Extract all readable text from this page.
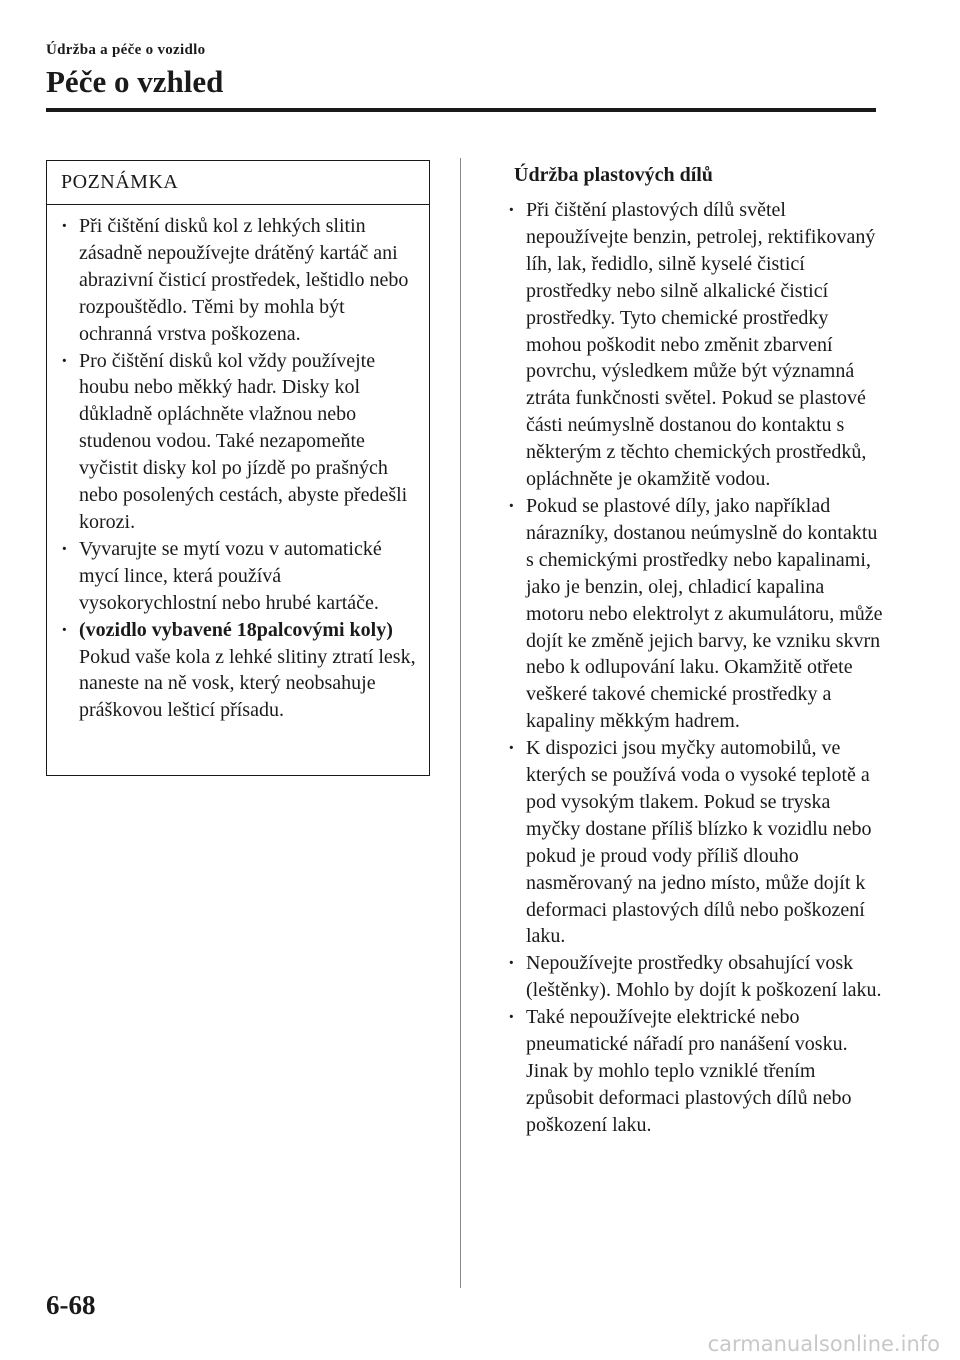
Údržba a péče o vozidlo
Péče o vzhled
POZNÁMKA
· Při čištění disků kol z lehkých slitin zásadně nepoužívejte drátěný kartáč ani abrazivní čisticí prostředek, leštidlo nebo rozpouštědlo. Těmi by mohla být ochranná vrstva poškozena.
· Pro čištění disků kol vždy používejte houbu nebo měkký hadr. Disky kol důkladně opláchněte vlažnou nebo studenou vodou. Také nezapomeňte vyčistit disky kol po jízdě po prašných nebo posolených cestách, abyste předešli korozi.
· Vyvarujte se mytí vozu v automatické mycí lince, která používá vysokorychlostní nebo hrubé kartáče.
· (vozidlo vybavené 18palcovými koly)
Pokud vaše kola z lehké slitiny ztratí lesk, naneste na ně vosk, který neobsahuje práškovou lešticí přísadu.
Údržba plastových dílů
· Při čištění plastových dílů světel nepoužívejte benzin, petrolej, rektifikovaný líh, lak, ředidlo, silně kyselé čisticí prostředky nebo silně alkalické čisticí prostředky. Tyto chemické prostředky mohou poškodit nebo změnit zbarvení povrchu, výsledkem může být významná ztráta funkčnosti světel. Pokud se plastové části neúmyslně dostanou do kontaktu s některým z těchto chemických prostředků, opláchněte je okamžitě vodou.
· Pokud se plastové díly, jako například nárazníky, dostanou neúmyslně do kontaktu s chemickými prostředky nebo kapalinami, jako je benzin, olej, chladicí kapalina motoru nebo elektrolyt z akumulátoru, může dojít ke změně jejich barvy, ke vzniku skvrn nebo k odlupování laku. Okamžitě otřete veškeré takové chemické prostředky a kapaliny měkkým hadrem.
· K dispozici jsou myčky automobilů, ve kterých se používá voda o vysoké teplotě a pod vysokým tlakem. Pokud se tryska myčky dostane příliš blízko k vozidlu nebo pokud je proud vody příliš dlouho nasměrovaný na jedno místo, může dojít k deformaci plastových dílů nebo poškození laku.
· Nepoužívejte prostředky obsahující vosk (leštěnky). Mohlo by dojít k poškození laku.
· Také nepoužívejte elektrické nebo pneumatické nářadí pro nanášení vosku. Jinak by mohlo teplo vzniklé třením způsobit deformaci plastových dílů nebo poškození laku.
6-68
carmanualsonline.info
